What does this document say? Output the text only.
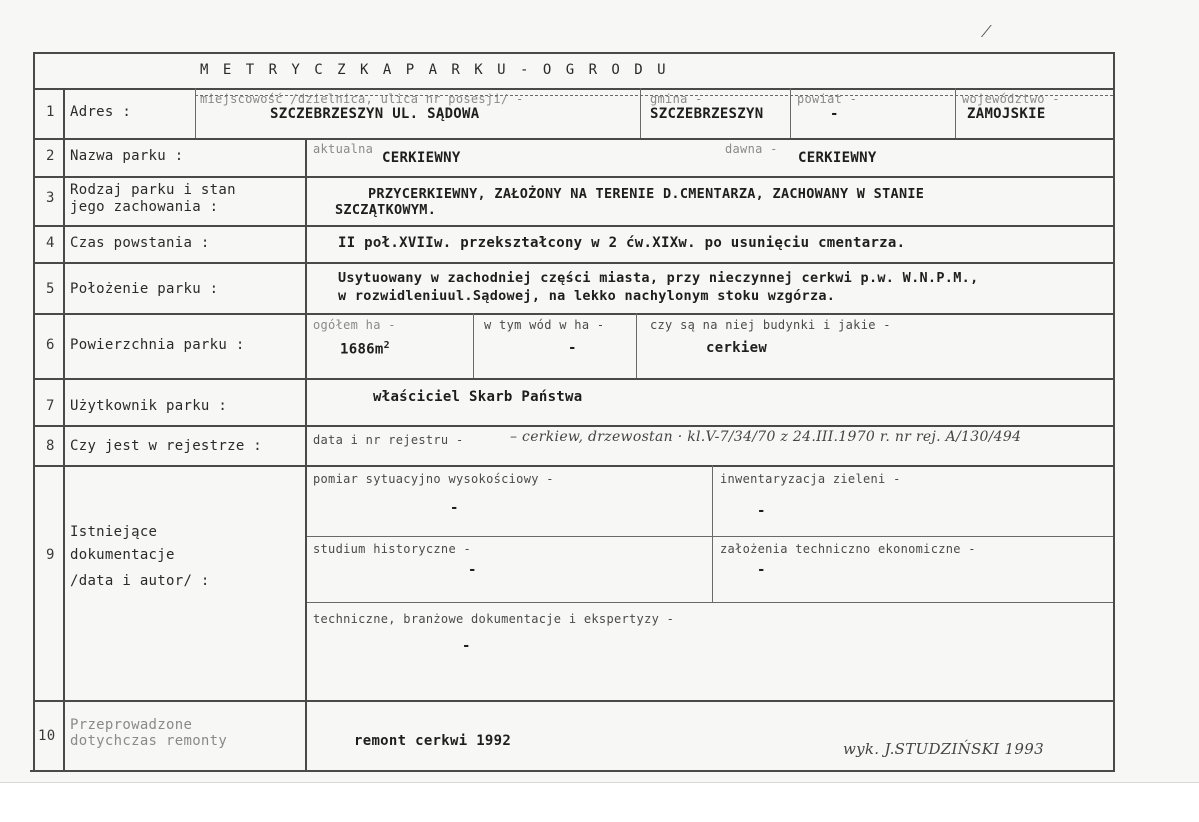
M E T R Y C Z K A P A R K U - O G R O D U
1 Adres :
miejscowość /dzielnica, ulica nr posesji/ -
SZCZEBRZESZYN UL. SĄDOWA
gmina -
SZCZEBRZESZYN
powiat -
-
województwo -
ZAMOJSKIE
2 Nazwa parku :	aktualna
CERKIEWNY
dawna -
CERKIEWNY
3 Rodzaj parku i stan
jego zachowania :
PRZYCERKIEWNY, ZAŁOŻONY NA TERENIE D.CMENTARZA, ZACHOWANY W STANIE
SZCZĄTKOWYM.
4 Czas powstania :	II poł.XVIIw. przekształcony w 2 ćw.XIXw. po usunięciu cmentarza.
5 Położenie parku :
Usytuowany w zachodniej części miasta, przy nieczynnej cerkwi p.w. W.N.P.M.,
w rozwidleniuul.Sądowej, na lekko nachylonym stoku wzgórza.
6 Powierzchnia parku :
ogółem ha -
$1686m^2$
w tym wód w ha -
-
czy są na niej budynki i jakie -
cerkiew
7 Użytkownik parku :
właściciel Skarb Państwa
8 Czy jest w rejestrze :	data i nr rejestru -	– cerkiew, drzewostan · kl.V-7/34/70 z 24.III.1970 r. nr rej. A/130/494
9
Istniejące
dokumentacje
/data i autor/ :
pomiar sytuacyjno wysokościowy -
-
inwentaryzacja zieleni -
-
studium historyczne -
-
założenia techniczno ekonomiczne -
-
techniczne, branżowe dokumentacje i ekspertyzy -
-
10
Przeprowadzone
dotychczas remonty	remont cerkwi 1992	wyk. J.STUDZIŃSKI 1993
⁄
